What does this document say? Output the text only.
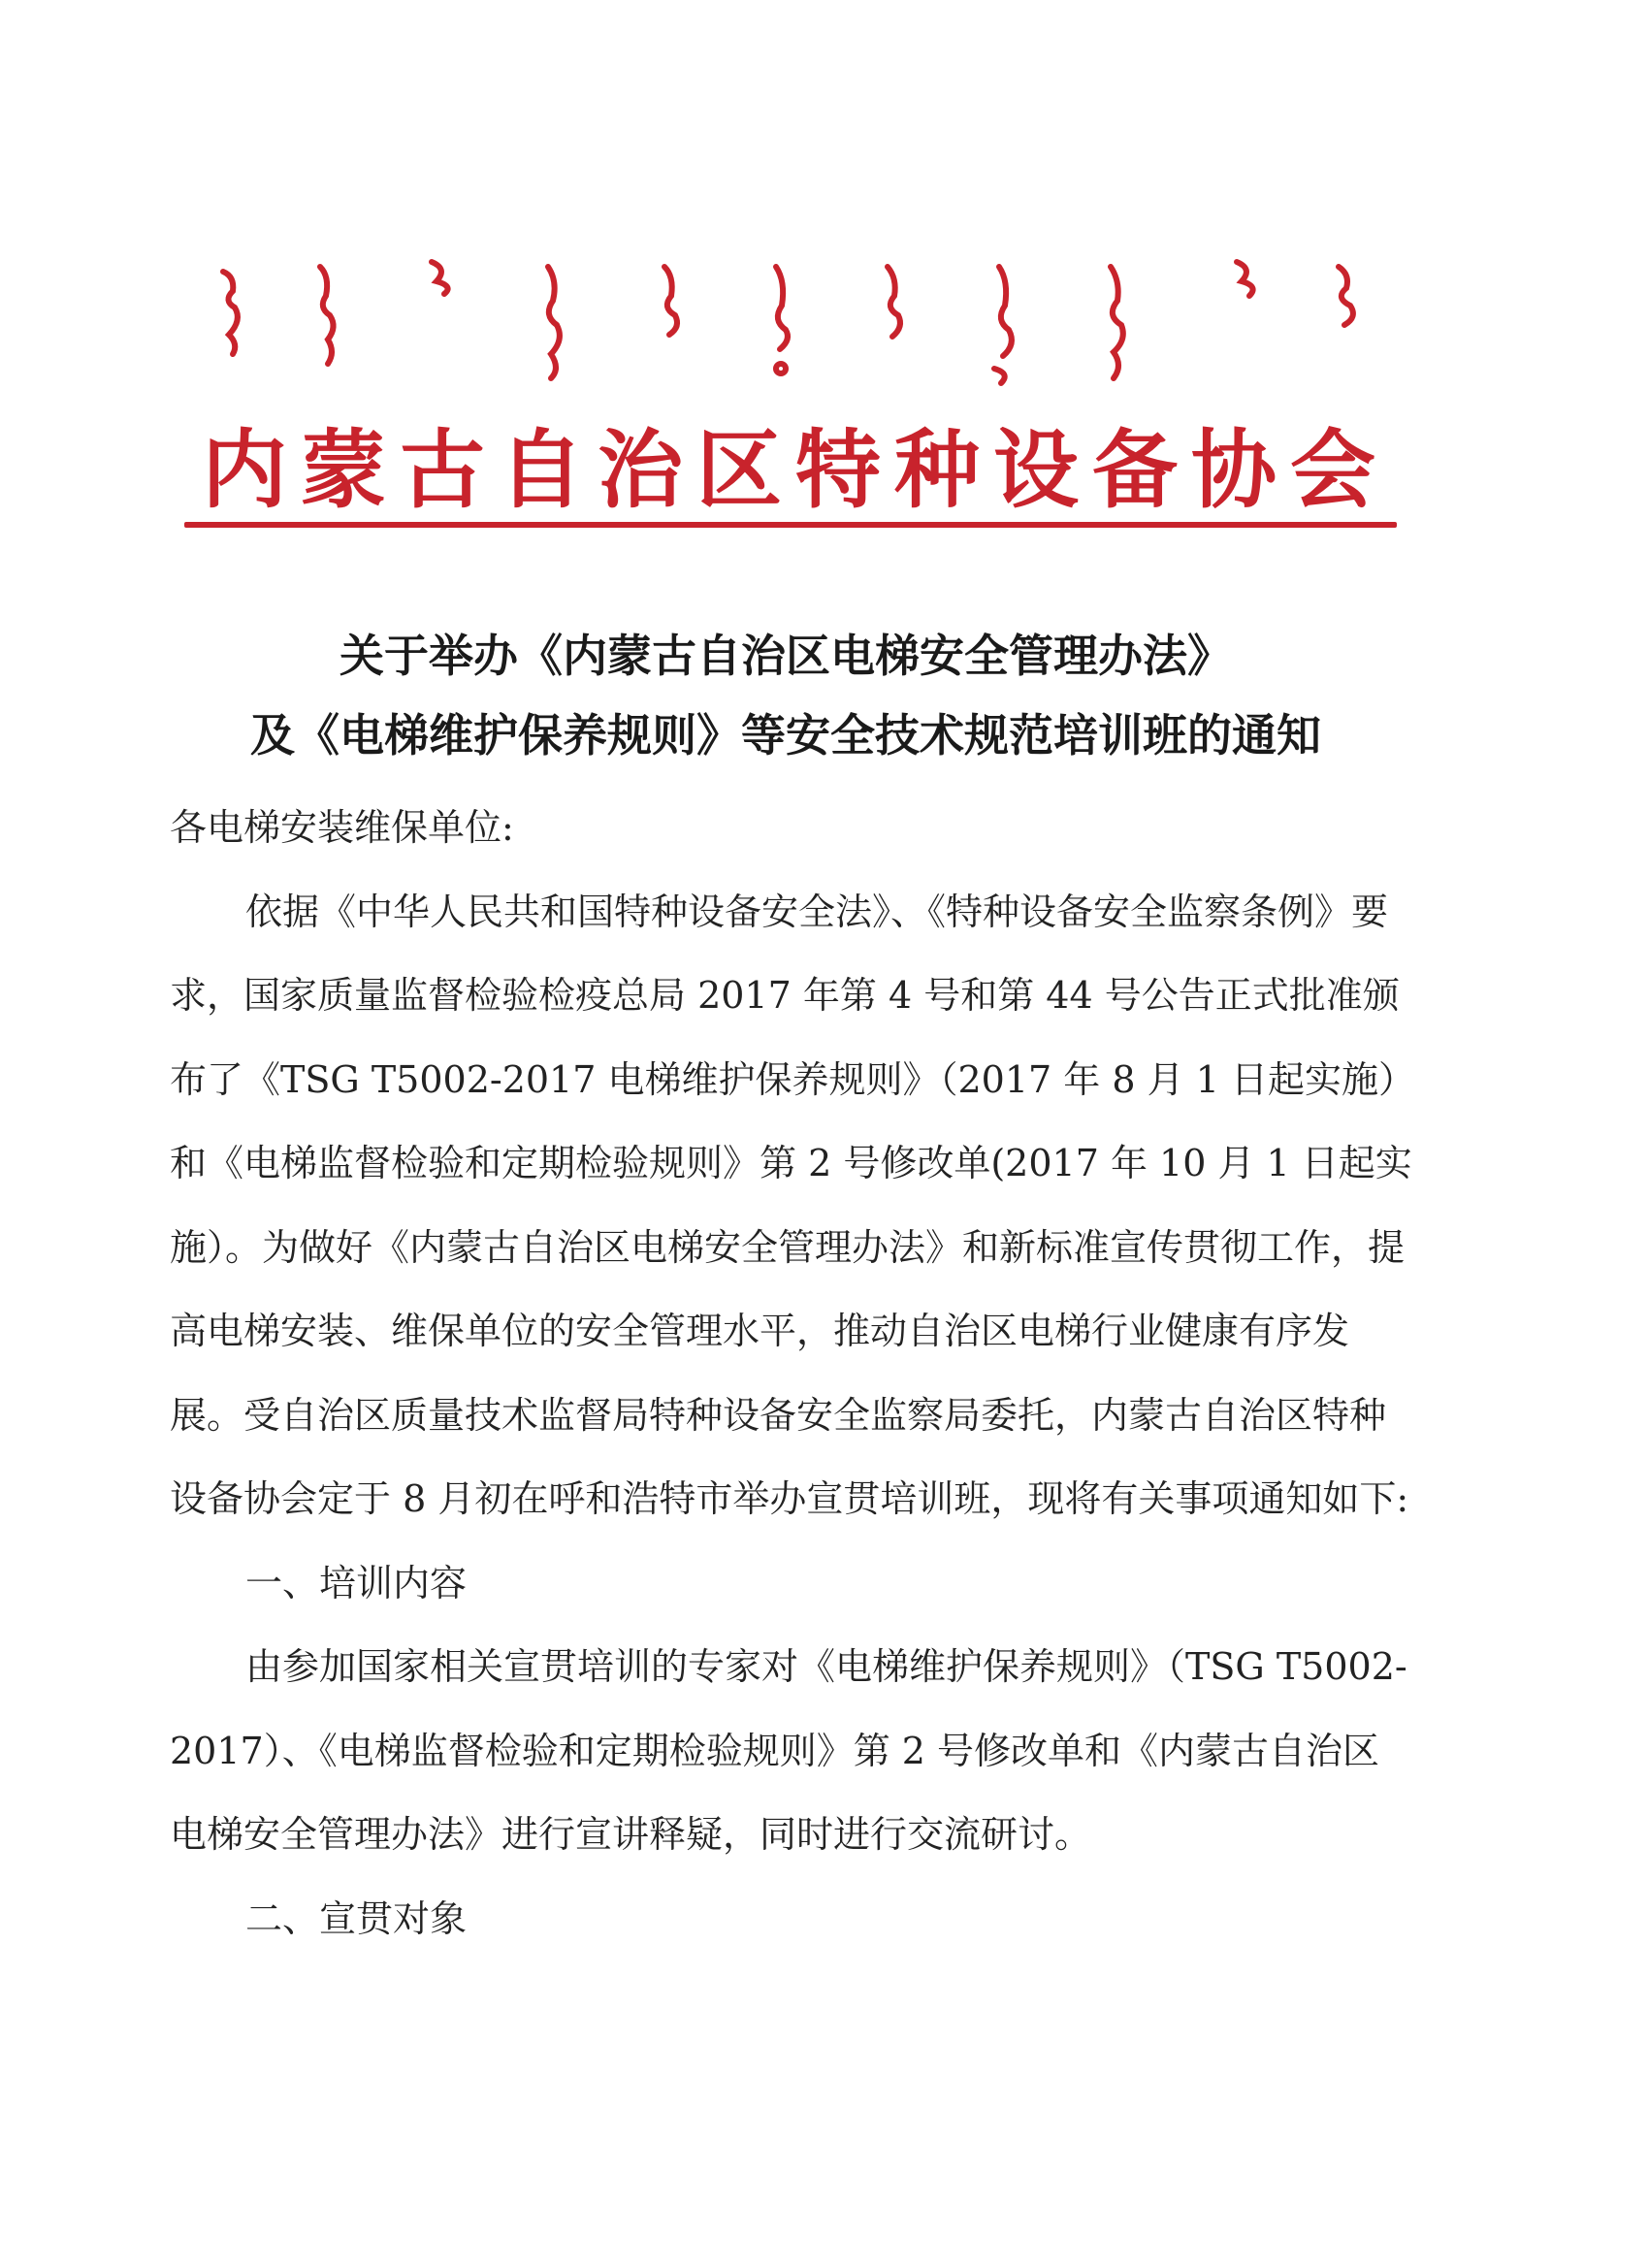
内蒙古自治区特种设备协会
关于举办《内蒙古自治区电梯安全管理办法》
及《电梯维护保养规则》等安全技术规范培训班的通知

各电梯安装维保单位:

依据《中华人民共和国特种设备安全法》、《特种设备安全监察条例》要求，国家质量监督检验检疫总局 2017 年第 4 号和第 44 号公告正式批准颁布了《TSG T5002-2017 电梯维护保养规则》（2017 年 8 月 1 日起实施）和《电梯监督检验和定期检验规则》第 2 号修改单(2017 年 10 月 1 日起实施）。为做好《内蒙古自治区电梯安全管理办法》和新标准宣传贯彻工作，提高电梯安装、维保单位的安全管理水平，推动自治区电梯行业健康有序发展。受自治区质量技术监督局特种设备安全监察局委托，内蒙古自治区特种设备协会定于 8 月初在呼和浩特市举办宣贯培训班，现将有关事项通知如下:

一、培训内容

由参加国家相关宣贯培训的专家对《电梯维护保养规则》（TSG T5002-2017）、《电梯监督检验和定期检验规则》第 2 号修改单和《内蒙古自治区电梯安全管理办法》进行宣讲释疑，同时进行交流研讨。

二、宣贯对象
